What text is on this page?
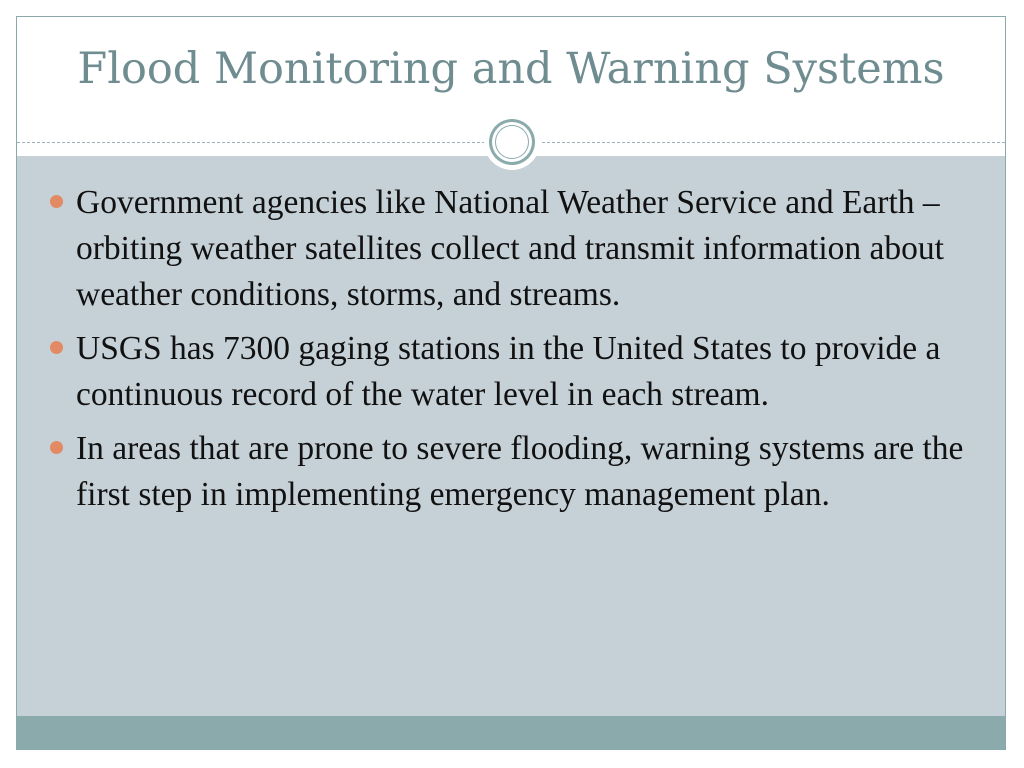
Flood Monitoring and Warning Systems
Government agencies like National Weather Service and Earth – orbiting weather satellites collect and transmit information about weather conditions, storms, and streams.
USGS has 7300 gaging stations in the United States to provide a continuous record of the water level in each stream.
In areas that are prone to severe flooding, warning systems are the first step in implementing emergency management plan.
